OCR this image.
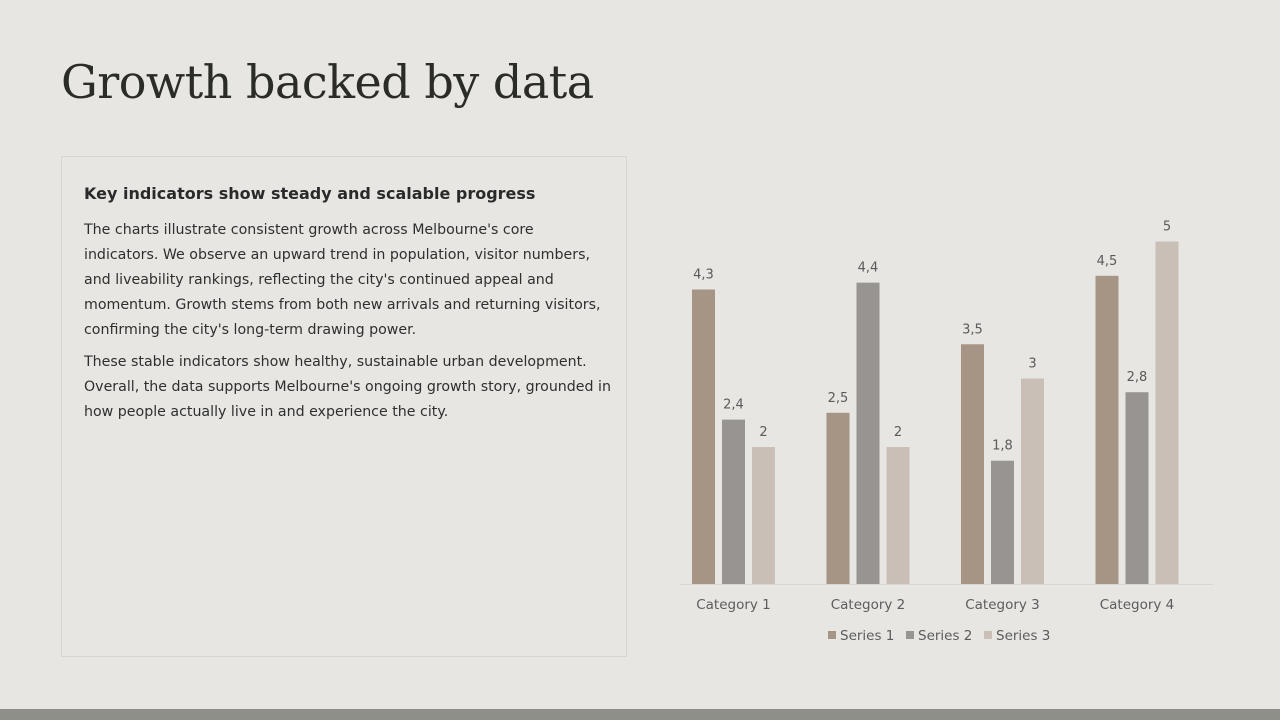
Growth backed by data
Key indicators show steady and scalable progress

The charts illustrate consistent growth across Melbourne's core indicators. We observe an upward trend in population, visitor numbers, and liveability rankings, reflecting the city's continued appeal and momentum. Growth stems from both new arrivals and returning visitors, confirming the city's long-term drawing power.

These stable indicators show healthy, sustainable urban development. Overall, the data supports Melbourne's ongoing growth story, grounded in how people actually live in and experience the city.

4,3
2,4
2
Category 1
2,5
4,4
2
Category 2
3,5
1,8
3
Category 3
4,5
2,8
5
Category 4
Series 1 Series 2 Series 3
